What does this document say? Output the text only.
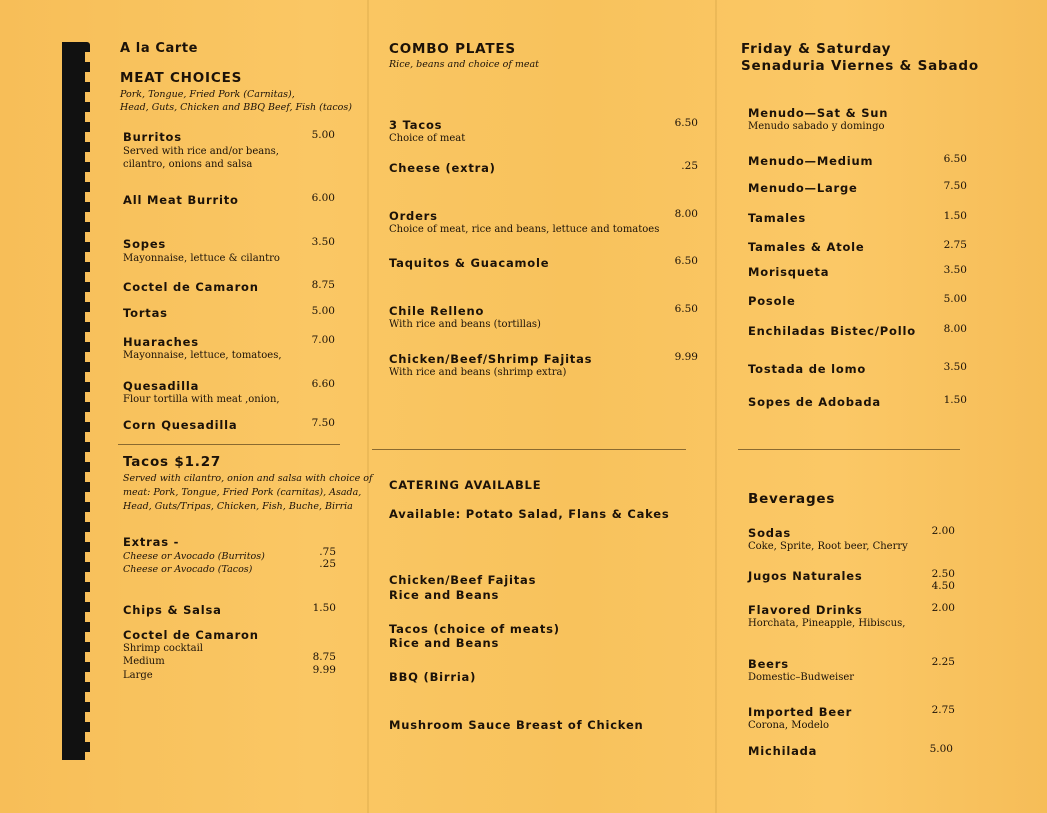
A la Carte
MEAT CHOICES
Pork, Tongue, Fried Pork (Carnitas),
Head, Guts, Chicken and BBQ Beef, Fish (tacos)
Burritos	5.00
Served with rice and/or beans,
cilantro, onions and salsa
All Meat Burrito	6.00
Sopes	3.50
Mayonnaise, lettuce & cilantro
Coctel de Camaron	8.75
Tortas	5.00
Huaraches	7.00
Mayonnaise, lettuce, tomatoes,
Quesadilla	6.60
Flour tortilla with meat ,onion,
Corn Quesadilla	7.50
Tacos $1.27
Served with cilantro, onion and salsa with choice of
meat: Pork, Tongue, Fried Pork (carnitas), Asada,
Head, Guts/Tripas, Chicken, Fish, Buche, Birria
Extras -
Cheese or Avocado (Burritos)	.75
Cheese or Avocado (Tacos)	.25
Chips & Salsa	1.50
Coctel de Camaron
Shrimp cocktail
Medium	8.75
Large	9.99
COMBO PLATES
Rice, beans and choice of meat
3 Tacos	6.50
Choice of meat
Cheese (extra)	.25
Orders	8.00
Choice of meat, rice and beans, lettuce and tomatoes
Taquitos & Guacamole	6.50
Chile Relleno	6.50
With rice and beans (tortillas)
Chicken/Beef/Shrimp Fajitas	9.99
With rice and beans (shrimp extra)
CATERING AVAILABLE
Available: Potato Salad, Flans & Cakes
Chicken/Beef Fajitas
Rice and Beans
Tacos (choice of meats)
Rice and Beans
BBQ (Birria)
Mushroom Sauce Breast of Chicken
Friday & Saturday
Senaduria Viernes & Sabado
Menudo—Sat & Sun
Menudo sabado y domingo
Menudo—Medium	6.50
Menudo—Large	7.50
Tamales	1.50
Tamales & Atole	2.75
Morisqueta	3.50
Posole	5.00
Enchiladas Bistec/Pollo	8.00
Tostada de lomo	3.50
Sopes de Adobada	1.50
Beverages
Sodas	2.00
Coke, Sprite, Root beer, Cherry
Jugos Naturales	2.50
4.50
Flavored Drinks	2.00
Horchata, Pineapple, Hibiscus,
Beers	2.25
Domestic–Budweiser
Imported Beer	2.75
Corona, Modelo
Michilada	5.00
